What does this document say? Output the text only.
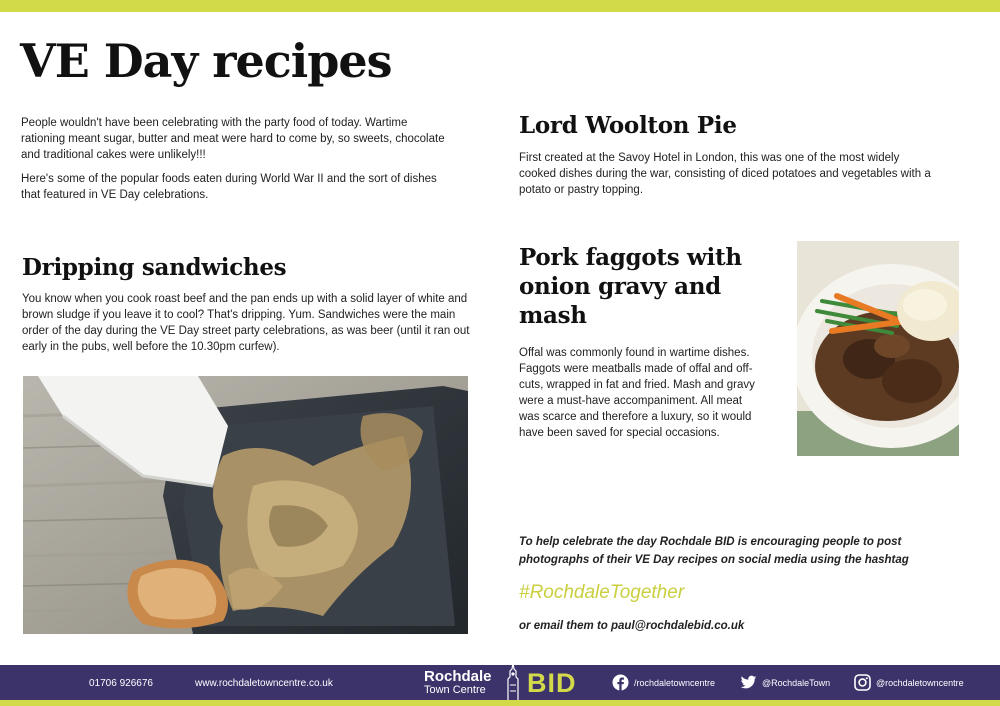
VE Day recipes

People wouldn't have been celebrating with the party food of today. Wartime rationing meant sugar, butter and meat were hard to come by, so sweets, chocolate and traditional cakes were unlikely!!!

Here's some of the popular foods eaten during World War II and the sort of dishes that featured in VE Day celebrations.

Dripping sandwiches

You know when you cook roast beef and the pan ends up with a solid layer of white and brown sludge if you leave it to cool? That's dripping. Yum. Sandwiches were the main order of the day during the VE Day street party celebrations, as was beer (until it ran out early in the pubs, well before the 10.30pm curfew).

Lord Woolton Pie

First created at the Savoy Hotel in London, this was one of the most widely cooked dishes during the war, consisting of diced potatoes and vegetables with a potato or pastry topping.

Pork faggots with onion gravy and mash

Offal was commonly found in wartime dishes. Faggots were meatballs made of offal and off-cuts, wrapped in fat and fried. Mash and gravy were a must-have accompaniment. All meat was scarce and therefore a luxury, so it would have been saved for special occasions.

To help celebrate the day Rochdale BID is encouraging people to post photographs of their VE Day recipes on social media using the hashtag

#RochdaleTogether
or email them to paul@rochdalebid.co.uk
01706 926676	www.rochdaletowncentre.co.uk	Rochdale
Town Centre BID	/rochdaletowncentre	@RochdaleTown	@rochdaletowncentre
